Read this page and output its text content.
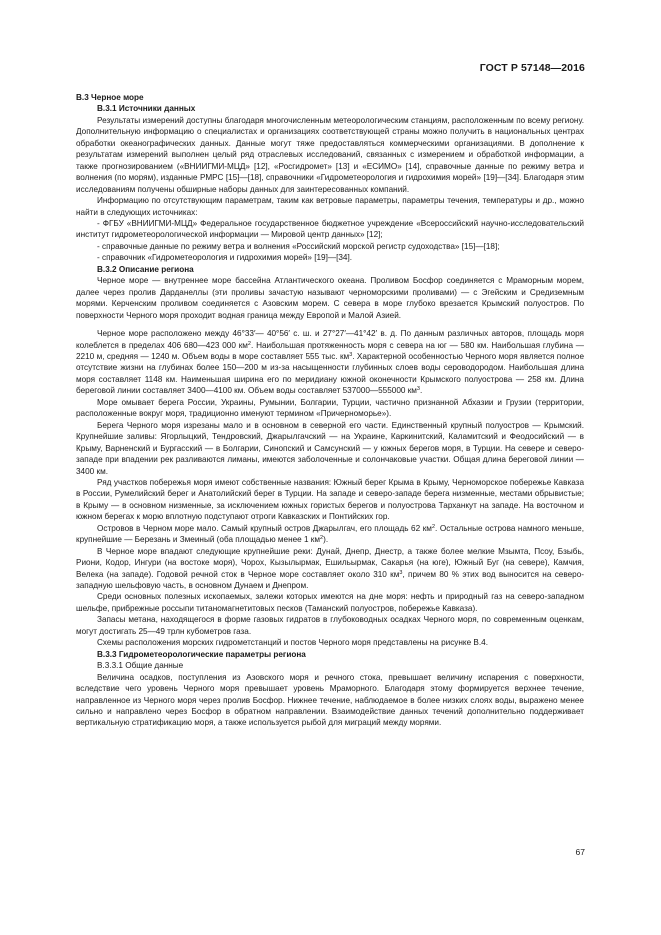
ГОСТ Р 57148—2016

В.3 Черное море

В.3.1 Источники данных

Результаты измерений доступны благодаря многочисленным метеорологическим станциям, расположенным по всему региону. Дополнительную информацию о специалистах и организациях соответствующей страны можно получить в национальных центрах обработки океанографических данных. Данные могут тяже предоставляться коммерческими организациями. В дополнение к результатам измерений выполнен целый ряд отраслевых исследований, связанных с измерением и обработкой информации, а также прогнозированием («ВНИИГМИ-МЦД» [12], «Росгидромет» [13] и «ЕСИМО» [14], справочные данные по режиму ветра и волнения (по морям), изданные РМРС [15]—[18], справочники «Гидрометеорология и гидрохимия морей» [19]—[34]. Благодаря этим исследованиям получены обширные наборы данных для заинтересованных компаний.

Информацию по отсутствующим параметрам, таким как ветровые параметры, параметры течения, температуры и др., можно найти в следующих источниках:

- ФГБУ «ВНИИГМИ-МЦД» Федеральное государственное бюджетное учреждение «Всероссийский научно-исследовательский институт гидрометеорологической информации — Мировой центр данных» [12];

- справочные данные по режиму ветра и волнения «Российский морской регистр судоходства» [15]—[18];

- справочник «Гидрометеорология и гидрохимия морей» [19]—[34].

В.3.2 Описание региона

Черное море — внутреннее море бассейна Атлантического океана. Проливом Босфор соединяется с Мраморным морем, далее через пролив Дарданеллы (эти проливы зачастую называют черноморскими проливами) — с Эгейским и Средиземным морями. Керченским проливом соединяется с Азовским морем. С севера в море глубоко врезается Крымский полуостров. По поверхности Черного моря проходит водная граница между Европой и Малой Азией.

Черное море расположено между 46°33′— 40°56′ с. ш. и 27°27′—41°42′ в. д. По данным различных авторов, площадь моря колеблется в пределах 406 680—423 000 $км^2$. Наибольшая протяженность моря с севера на юг — 580 км. Наибольшая глубина — 2210 м, средняя — 1240 м. Объем воды в море составляет 555 тыс. $км^3$. Характерной особенностью Черного моря является полное отсутствие жизни на глубинах более 150—200 м из-за насыщенности глубинных слоев воды сероводородом. Наибольшая длина моря составляет 1148 км. Наименьшая ширина его по меридиану южной оконечности Крымского полуострова — 258 км. Длина береговой линии составляет 3400—4100 км. Объем воды составляет 537000—555000 $км^3$.

Море омывает берега России, Украины, Румынии, Болгарии, Турции, частично признанной Абхазии и Грузии (территории, расположенные вокруг моря, традиционно именуют термином «Причерноморье»).

Берега Черного моря изрезаны мало и в основном в северной его части. Единственный крупный полуостров — Крымский. Крупнейшие заливы: Ягорлыцкий, Тендровский, Джарылгачский — на Украине, Каркинитский, Каламитский и Феодосийский — в Крыму, Варненский и Бургасский — в Болгарии, Синопский и Самсунский — у южных берегов моря, в Турции. На севере и северо-западе при впадении рек разливаются лиманы, имеются заболоченные и солончаковые участки. Общая длина береговой линии — 3400 км.

Ряд участков побережья моря имеют собственные названия: Южный берег Крыма в Крыму, Черноморское побережье Кавказа в России, Румелийский берег и Анатолийский берег в Турции. На западе и северо-западе берега низменные, местами обрывистые; в Крыму — в основном низменные, за исключением южных гористых берегов и полуострова Тарханкут на западе. На восточном и южном берегах к морю вплотную подступают отроги Кавказских и Понтийских гор.

Островов в Черном море мало. Самый крупный остров Джарылгач, его площадь 62 $км^2$. Остальные острова намного меньше, крупнейшие — Березань и Змеиный (оба площадью менее 1 $км^2$).

В Черное море впадают следующие крупнейшие реки: Дунай, Днепр, Днестр, а также более мелкие Мзымта, Псоу, Бзыбь, Риони, Кодор, Ингури (на востоке моря), Чорох, Кызылырмак, Ешильырмак, Сакарья (на юге), Южный Буг (на севере), Камчия, Велека (на западе). Годовой речной сток в Черное море составляет около 310 $км^3$, причем 80 % этих вод выносится на северо-западную шельфовую часть, в основном Дунаем и Днепром.

Среди основных полезных ископаемых, залежи которых имеются на дне моря: нефть и природный газ на северо-западном шельфе, прибрежные россыпи титаномагнетитовых песков (Таманский полуостров, побережье Кавказа).

Запасы метана, находящегося в форме газовых гидратов в глубоководных осадках Черного моря, по современным оценкам, могут достигать 25—49 трлн кубометров газа.

Схемы расположения морских гидрометстанций и постов Черного моря представлены на рисунке В.4.

В.3.3 Гидрометеорологические параметры региона

В.3.3.1 Общие данные

Величина осадков, поступления из Азовского моря и речного стока, превышает величину испарения с поверхности, вследствие чего уровень Черного моря превышает уровень Мраморного. Благодаря этому формируется верхнее течение, направленное из Черного моря через пролив Босфор. Нижнее течение, наблюдаемое в более низких слоях воды, выражено менее сильно и направлено через Босфор в обратном направлении. Взаимодействие данных течений дополнительно поддерживает вертикальную стратификацию моря, а также используется рыбой для миграций между морями.

67
